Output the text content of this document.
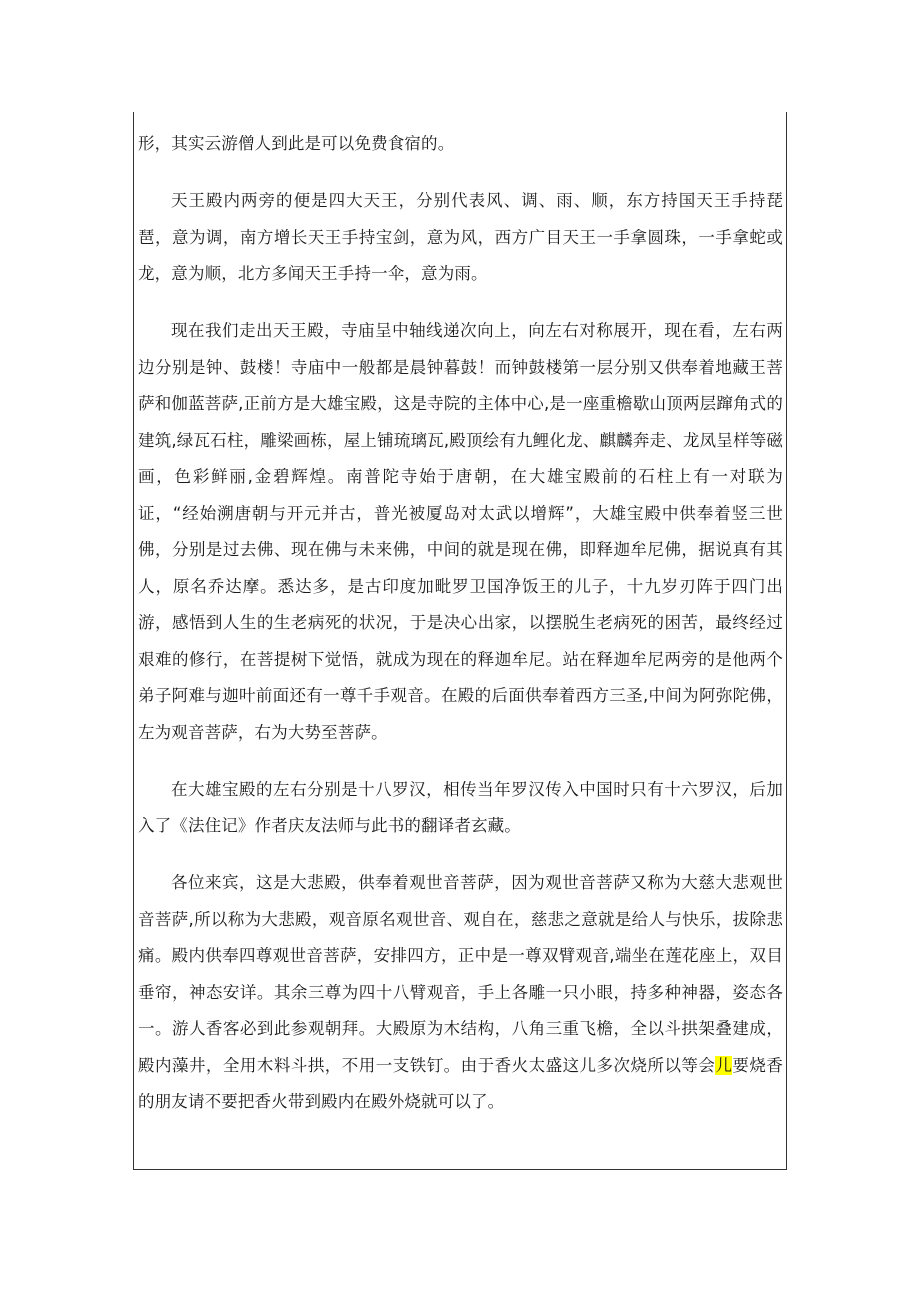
形，其实云游僧人到此是可以免费食宿的。

天王殿内两旁的便是四大天王，分别代表风、调、雨、顺，东方持国天王手持琵琶，意为调，南方增长天王手持宝剑，意为风，西方广目天王一手拿圆珠，一手拿蛇或龙，意为顺，北方多闻天王手持一伞，意为雨。

现在我们走出天王殿，寺庙呈中轴线递次向上，向左右对称展开，现在看，左右两边分别是钟、鼓楼！寺庙中一般都是晨钟暮鼓！而钟鼓楼第一层分别又供奉着地藏王菩萨和伽蓝菩萨,正前方是大雄宝殿，这是寺院的主体中心,是一座重檐歇山顶两层蹿角式的建筑,绿瓦石柱，雕梁画栋，屋上铺琉璃瓦,殿顶绘有九鲤化龙、麒麟奔走、龙凤呈样等磁画，色彩鲜丽,金碧辉煌。南普陀寺始于唐朝，在大雄宝殿前的石柱上有一对联为证，“经始溯唐朝与开元并古，普光被厦岛对太武以增辉”，大雄宝殿中供奉着竖三世佛，分别是过去佛、现在佛与未来佛，中间的就是现在佛，即释迦牟尼佛，据说真有其人，原名乔达摩。悉达多，是古印度加毗罗卫国净饭王的儿子，十九岁刃阵于四门出游，感悟到人生的生老病死的状况，于是决心出家，以摆脱生老病死的困苦，最终经过艰难的修行，在菩提树下觉悟，就成为现在的释迦牟尼。站在释迦牟尼两旁的是他两个弟子阿难与迦叶前面还有一尊千手观音。在殿的后面供奉着西方三圣,中间为阿弥陀佛，左为观音菩萨，右为大势至菩萨。

在大雄宝殿的左右分别是十八罗汉，相传当年罗汉传入中国时只有十六罗汉，后加入了《法住记》作者庆友法师与此书的翻译者玄藏。

各位来宾，这是大悲殿，供奉着观世音菩萨，因为观世音菩萨又称为大慈大悲观世音菩萨,所以称为大悲殿，观音原名观世音、观自在，慈悲之意就是给人与快乐，拔除悲痛。殿内供奉四尊观世音菩萨，安排四方，正中是一尊双臂观音,端坐在莲花座上，双目垂帘，神态安详。其余三尊为四十八臂观音，手上各雕一只小眼，持多种神器，姿态各一。游人香客必到此参观朝拜。大殿原为木结构，八角三重飞檐，全以斗拱架叠建成，殿内藻井，全用木料斗拱，不用一支铁钉。由于香火太盛这儿多次烧所以等会儿要烧香的朋友请不要把香火带到殿内在殿外烧就可以了。
